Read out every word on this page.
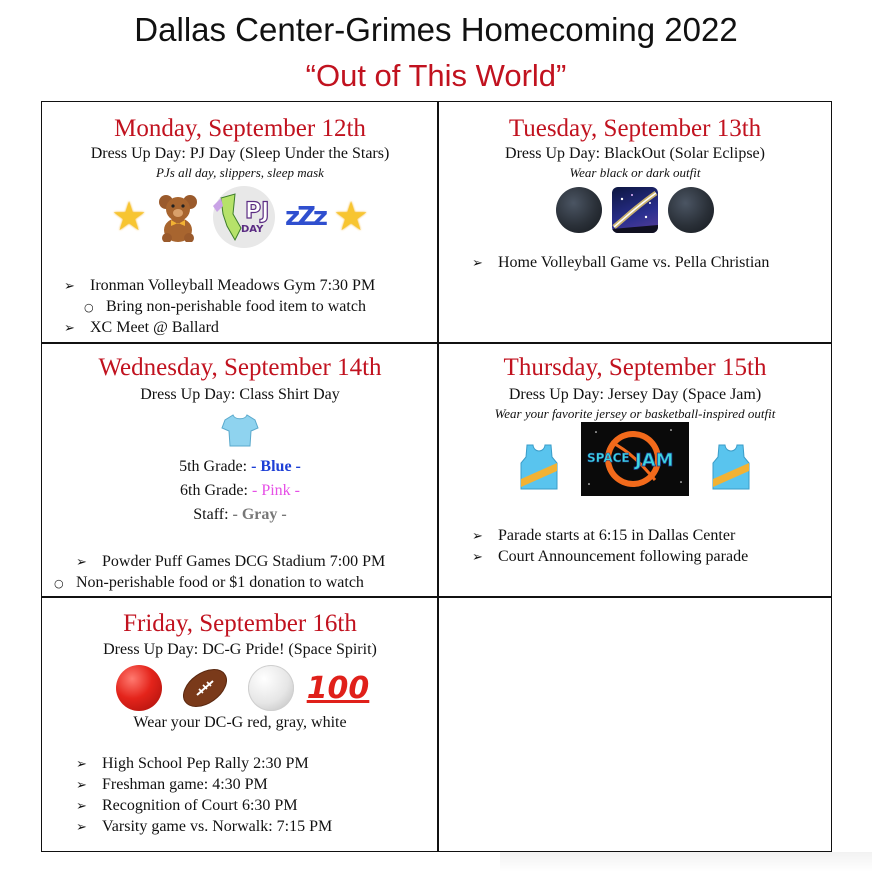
Dallas Center-Grimes Homecoming 2022
“Out of This World”
Monday, September 12th
Dress Up Day: PJ Day (Sleep Under the Stars)
PJs all day, slippers, sleep mask
★	PJ
DAY zZz ★
➢ Ironman Volleyball Meadows Gym 7:30 PM
○ Bring non-perishable food item to watch
➢ XC Meet @ Ballard
Tuesday, September 13th
Dress Up Day: BlackOut (Solar Eclipse)
Wear black or dark outfit
➢ Home Volleyball Game vs. Pella Christian
Wednesday, September 14th
Dress Up Day: Class Shirt Day
5th Grade: - Blue -
6th Grade: - Pink -
Staff: - Gray -
➢ Powder Puff Games DCG Stadium 7:00 PM
○ Non-perishable food or $1 donation to watch
Thursday, September 15th
Dress Up Day: Jersey Day (Space Jam)
Wear your favorite jersey or basketball-inspired outfit
SPACE JAM
➢ Parade starts at 6:15 in Dallas Center
➢ Court Announcement following parade
Friday, September 16th
Dress Up Day: DC-G Pride! (Space Spirit)
100
Wear your DC-G red, gray, white
➢ High School Pep Rally 2:30 PM
➢ Freshman game: 4:30 PM
➢ Recognition of Court 6:30 PM
➢ Varsity game vs. Norwalk: 7:15 PM
